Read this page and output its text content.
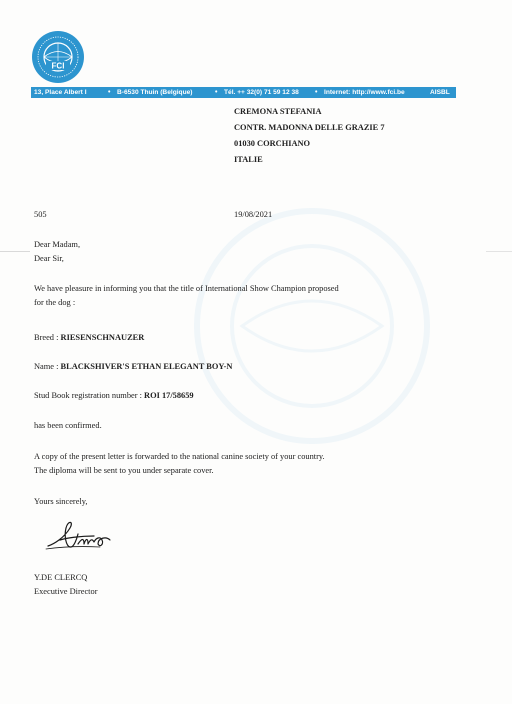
FCI
13, Place Albert I	• B-6530 Thuin (Belgique)	• Tél. ++ 32(0) 71 59 12 38 • Internet: http://www.fci.be	AISBL
CREMONA STEFANIA
CONTR. MADONNA DELLE GRAZIE 7
01030 CORCHIANO
ITALIE
505	19/08/2021
Dear Madam,
Dear Sir,
We have pleasure in informing you that the title of International Show Champion proposed
for the dog :
Breed : RIESENSCHNAUZER
Name : BLACKSHIVER'S ETHAN ELEGANT BOY-N
Stud Book registration number : ROI 17/58659
has been confirmed.
A copy of the present letter is forwarded to the national canine society of your country.
The diploma will be sent to you under separate cover.
Yours sincerely,
Y.DE CLERCQ
Executive Director
